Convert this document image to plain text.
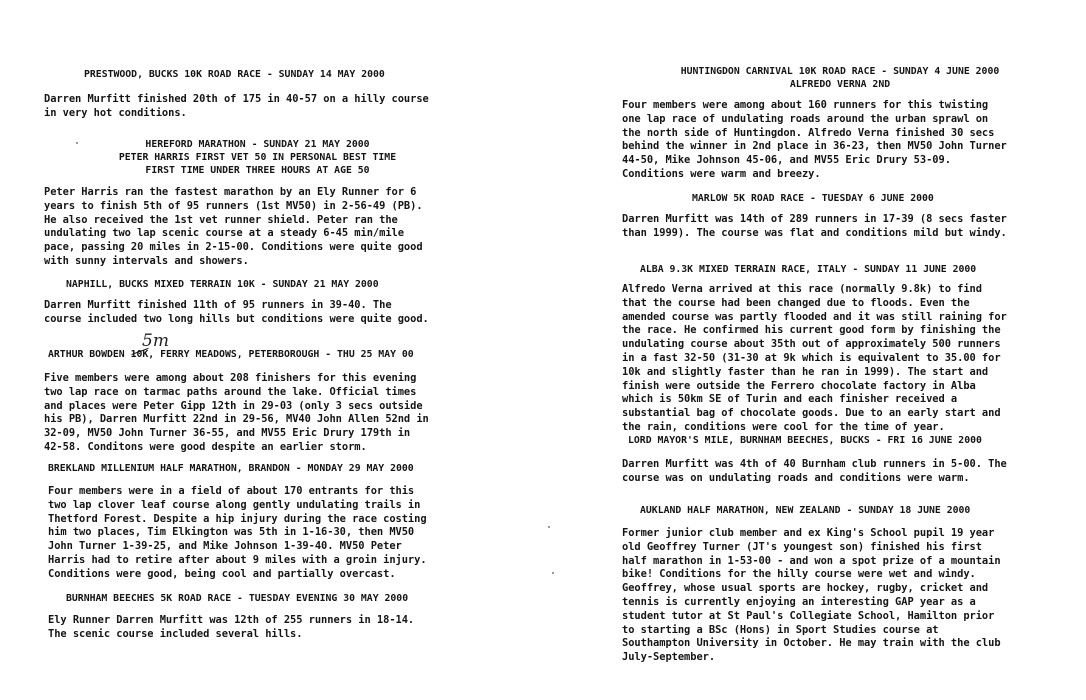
PRESTWOOD, BUCKS 10K ROAD RACE - SUNDAY 14 MAY 2000
Darren Murfitt finished 20th of 175 in 40-57 on a hilly course
in very hot conditions.
HEREFORD MARATHON - SUNDAY 21 MAY 2000
PETER HARRIS FIRST VET 50 IN PERSONAL BEST TIME
FIRST TIME UNDER THREE HOURS AT AGE 50
Peter Harris ran the fastest marathon by an Ely Runner for 6
years to finish 5th of 95 runners (1st MV50) in 2-56-49 (PB).
He also received the 1st vet runner shield. Peter ran the
undulating two lap scenic course at a steady 6-45 min/mile
pace, passing 20 miles in 2-15-00. Conditions were quite good
with sunny intervals and showers.
NAPHILL, BUCKS MIXED TERRAIN 10K - SUNDAY 21 MAY 2000
Darren Murfitt finished 11th of 95 runners in 39-40. The
course included two long hills but conditions were quite good.
5m
ARTHUR BOWDEN 10K, FERRY MEADOWS, PETERBOROUGH - THU 25 MAY 00
Five members were among about 208 finishers for this evening
two lap race on tarmac paths around the lake. Official times
and places were Peter Gipp 12th in 29-03 (only 3 secs outside
his PB), Darren Murfitt 22nd in 29-56, MV40 John Allen 52nd in
32-09, MV50 John Turner 36-55, and MV55 Eric Drury 179th in
42-58. Conditons were good despite an earlier storm.
BREKLAND MILLENIUM HALF MARATHON, BRANDON - MONDAY 29 MAY 2000
Four members were in a field of about 170 entrants for this
two lap clover leaf course along gently undulating trails in
Thetford Forest. Despite a hip injury during the race costing
him two places, Tim Elkington was 5th in 1-16-30, then MV50
John Turner 1-39-25, and Mike Johnson 1-39-40. MV50 Peter
Harris had to retire after about 9 miles with a groin injury.
Conditions were good, being cool and partially overcast.
BURNHAM BEECHES 5K ROAD RACE - TUESDAY EVENING 30 MAY 2000
Ely Runner Darren Murfitt was 12th of 255 runners in 18-14.
The scenic course included several hills.
HUNTINGDON CARNIVAL 10K ROAD RACE - SUNDAY 4 JUNE 2000
ALFREDO VERNA 2ND
Four members were among about 160 runners for this twisting
one lap race of undulating roads around the urban sprawl on
the north side of Huntingdon. Alfredo Verna finished 30 secs
behind the winner in 2nd place in 36-23, then MV50 John Turner
44-50, Mike Johnson 45-06, and MV55 Eric Drury 53-09.
Conditions were warm and breezy.
MARLOW 5K ROAD RACE - TUESDAY 6 JUNE 2000
Darren Murfitt was 14th of 289 runners in 17-39 (8 secs faster
than 1999). The course was flat and conditions mild but windy.
ALBA 9.3K MIXED TERRAIN RACE, ITALY - SUNDAY 11 JUNE 2000
Alfredo Verna arrived at this race (normally 9.8k) to find
that the course had been changed due to floods. Even the
amended course was partly flooded and it was still raining for
the race. He confirmed his current good form by finishing the
undulating course about 35th out of approximately 500 runners
in a fast 32-50 (31-30 at 9k which is equivalent to 35.00 for
10k and slightly faster than he ran in 1999). The start and
finish were outside the Ferrero chocolate factory in Alba
which is 50km SE of Turin and each finisher received a
substantial bag of chocolate goods. Due to an early start and
the rain, conditions were cool for the time of year.
LORD MAYOR'S MILE, BURNHAM BEECHES, BUCKS - FRI 16 JUNE 2000
Darren Murfitt was 4th of 40 Burnham club runners in 5-00. The
course was on undulating roads and conditions were warm.
AUKLAND HALF MARATHON, NEW ZEALAND - SUNDAY 18 JUNE 2000
Former junior club member and ex King's School pupil 19 year
old Geoffrey Turner (JT's youngest son) finished his first
half marathon in 1-53-00 - and won a spot prize of a mountain
bike! Conditions for the hilly course were wet and windy.
Geoffrey, whose usual sports are hockey, rugby, cricket and
tennis is currently enjoying an interesting GAP year as a
student tutor at St Paul's Collegiate School, Hamilton prior
to starting a BSc (Hons) in Sport Studies course at
Southampton University in October. He may train with the club
July-September.
